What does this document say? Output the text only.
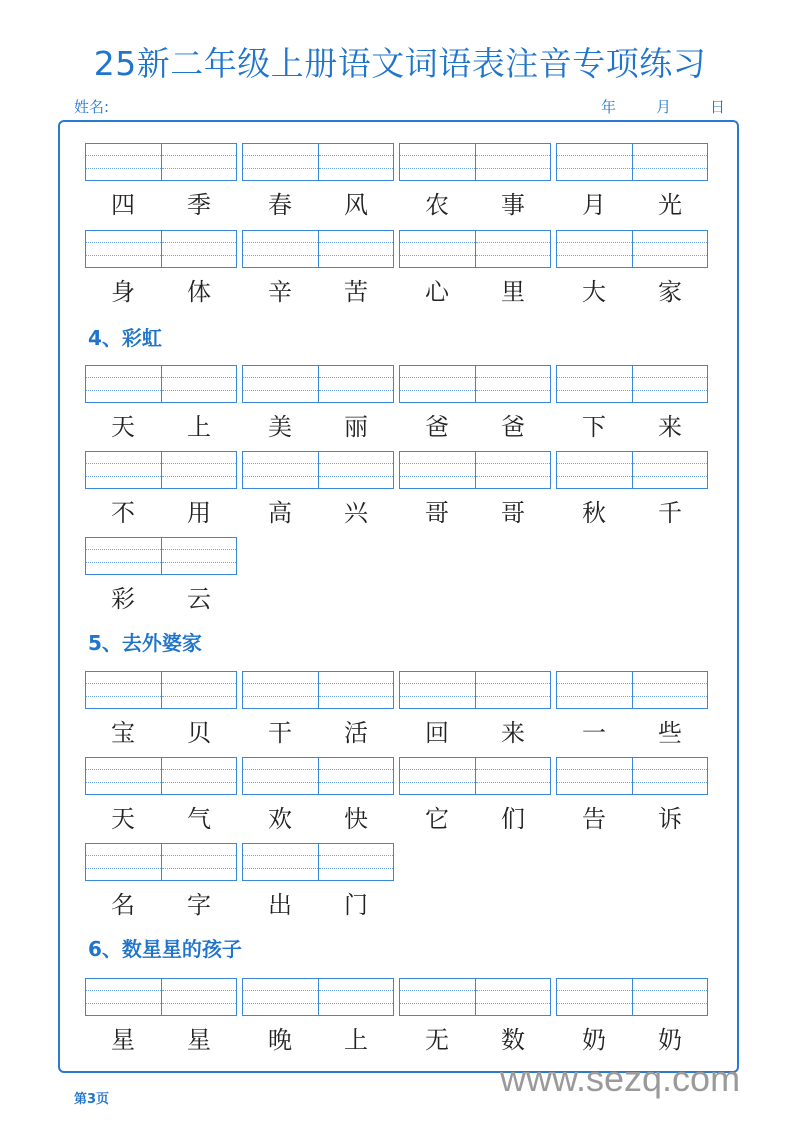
25新二年级上册语文词语表注音专项练习
姓名:	年	月	日
4、彩虹
5、去外婆家
6、数星星的孩子
四	季	春	风	农	事	月	光
身	体	辛	苦	心	里	大	家
天	上	美	丽	爸	爸	下	来
不	用	高	兴	哥	哥	秋	千
彩	云
宝	贝	干	活	回	来	一	些
天	气	欢	快	它	们	告	诉
名	字	出	门
星	星	晚	上	无	数	奶	奶
第3页
www.sezq.com
